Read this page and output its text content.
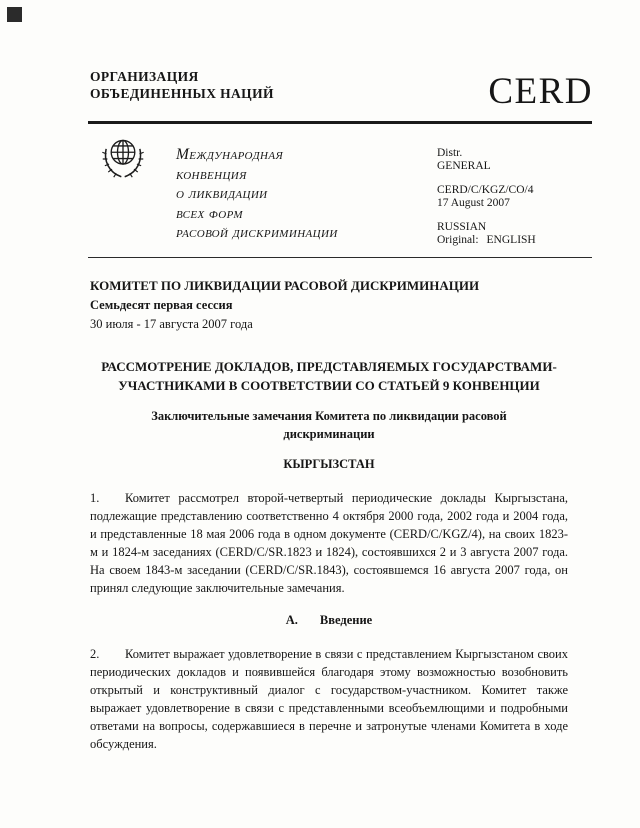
ОРГАНИЗАЦИЯ
ОБЪЕДИНЕННЫХ НАЦИЙ	CERD
Международная
конвенция
о ликвидации
всех форм
расовой дискриминации
Distr.
GENERAL
CERD/C/KGZ/CO/4
17 August 2007
RUSSIAN
Original: ENGLISH
КОМИТЕТ ПО ЛИКВИДАЦИИ РАСОВОЙ ДИСКРИМИНАЦИИ
Семьдесят первая сессия
30 июля - 17 августа 2007 года
РАССМОТРЕНИЕ ДОКЛАДОВ, ПРЕДСТАВЛЯЕМЫХ ГОСУДАРСТВАМИ-УЧАСТНИКАМИ В СООТВЕТСТВИИ СО СТАТЬЕЙ 9 КОНВЕНЦИИ
Заключительные замечания Комитета по ликвидации расовой дискриминации
КЫРГЫЗСТАН

1. Комитет рассмотрел второй-четвертый периодические доклады Кыргызстана, подлежащие представлению соответственно 4 октября 2000 года, 2002 года и 2004 года, и представленные 18 мая 2006 года в одном документе (CERD/C/KGZ/4), на своих 1823-м и 1824-м заседаниях (CERD/C/SR.1823 и 1824), состоявшихся 2 и 3 августа 2007 года. На своем 1843-м заседании (CERD/C/SR.1843), состоявшемся 16 августа 2007 года, он принял следующие заключительные замечания.

A. Введение

2. Комитет выражает удовлетворение в связи с представлением Кыргызстаном своих периодических докладов и появившейся благодаря этому возможностью возобновить открытый и конструктивный диалог с государством-участником. Комитет также выражает удовлетворение в связи с представленными всеобъемлющими и подробными ответами на вопросы, содержавшиеся в перечне и затронутые членами Комитета в ходе обсуждения.
